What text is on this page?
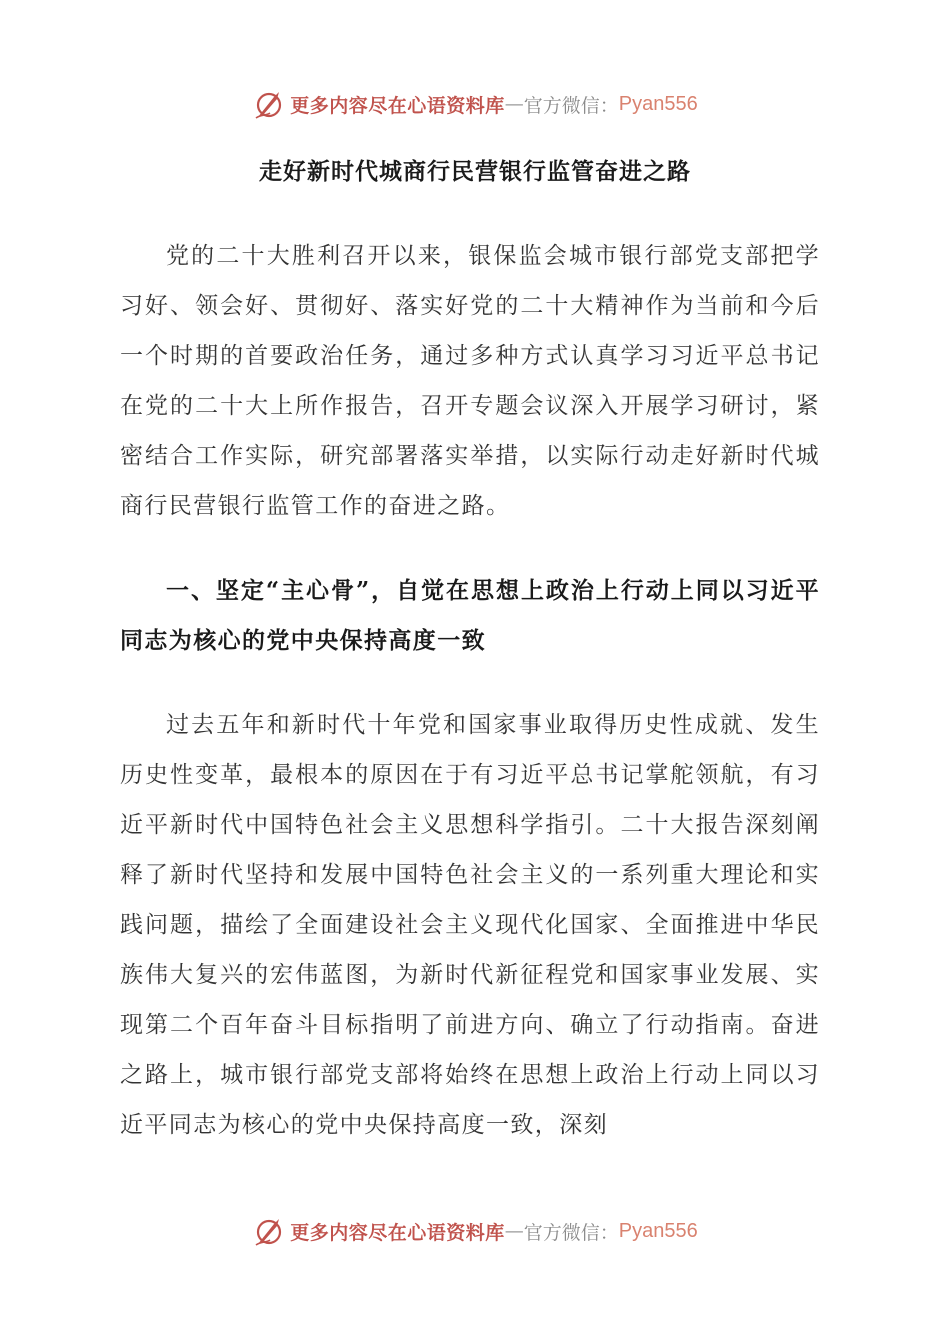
更多内容尽在心语资料库 — 官方微信： Pyan556
走好新时代城商行民营银行监管奋进之路

党的二十大胜利召开以来，银保监会城市银行部党支部把学习好、领会好、贯彻好、落实好党的二十大精神作为当前和今后一个时期的首要政治任务，通过多种方式认真学习习近平总书记在党的二十大上所作报告，召开专题会议深入开展学习研讨，紧密结合工作实际，研究部署落实举措，以实际行动走好新时代城商行民营银行监管工作的奋进之路。

一、坚定“主心骨”，自觉在思想上政治上行动上同以习近平同志为核心的党中央保持高度一致

过去五年和新时代十年党和国家事业取得历史性成就、发生历史性变革，最根本的原因在于有习近平总书记掌舵领航，有习近平新时代中国特色社会主义思想科学指引。二十大报告深刻阐释了新时代坚持和发展中国特色社会主义的一系列重大理论和实践问题，描绘了全面建设社会主义现代化国家、全面推进中华民族伟大复兴的宏伟蓝图，为新时代新征程党和国家事业发展、实现第二个百年奋斗目标指明了前进方向、确立了行动指南。奋进之路上，城市银行部党支部将始终在思想上政治上行动上同以习近平同志为核心的党中央保持高度一致，深刻

更多内容尽在心语资料库 — 官方微信： Pyan556
